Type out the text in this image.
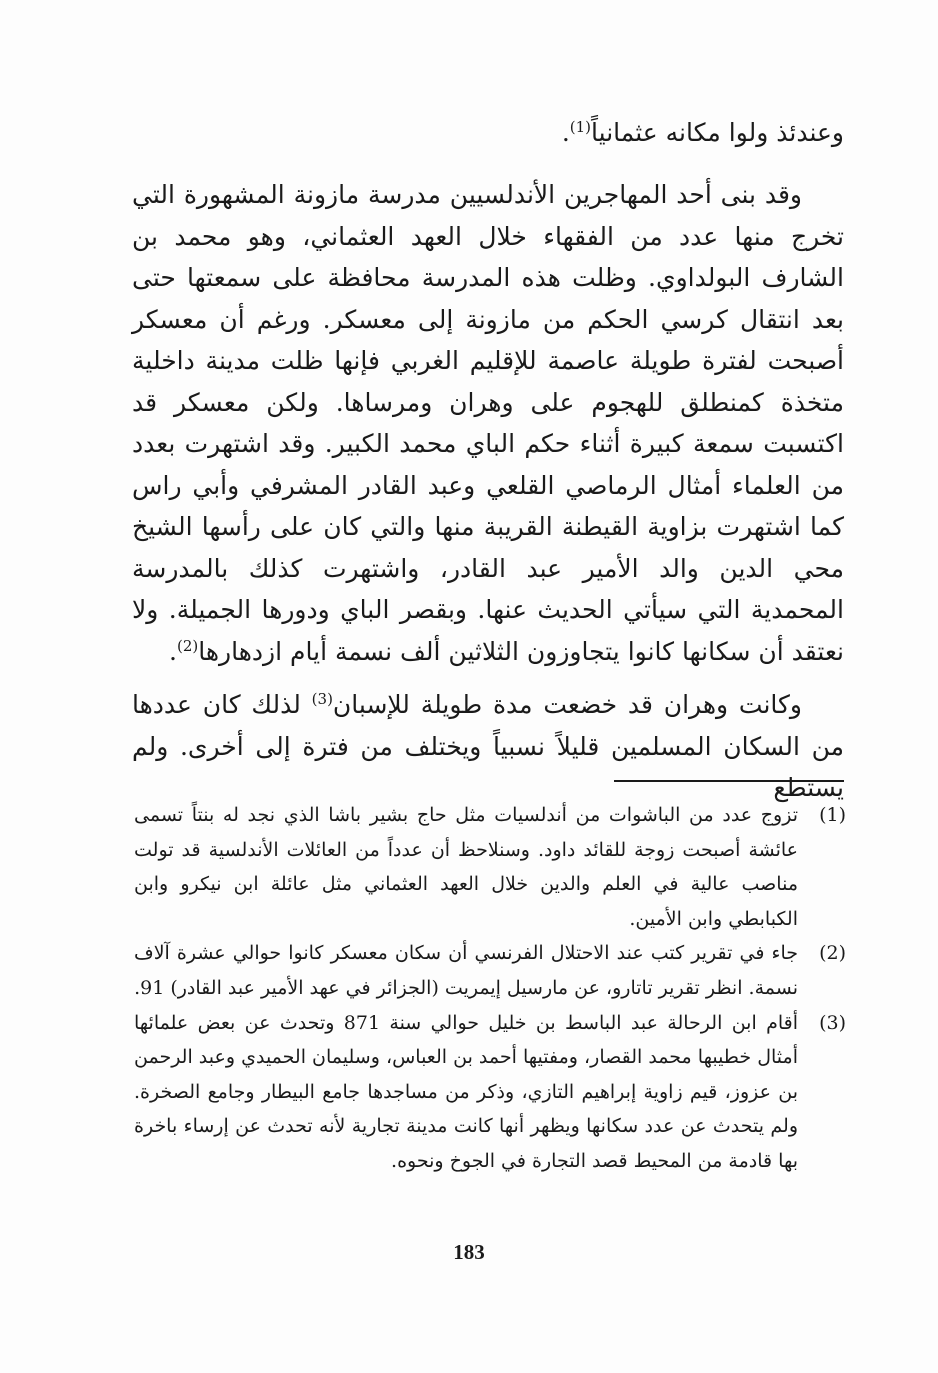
وعندئذ ولوا مكانه عثمانياً$^{(1)}$.

وقد بنى أحد المهاجرين الأندلسيين مدرسة مازونة المشهورة التي تخرج منها عدد من الفقهاء خلال العهد العثماني، وهو محمد بن الشارف البولداوي. وظلت هذه المدرسة محافظة على سمعتها حتى بعد انتقال كرسي الحكم من مازونة إلى معسكر. ورغم أن معسكر أصبحت لفترة طويلة عاصمة للإقليم الغربي فإنها ظلت مدينة داخلية متخذة كمنطلق للهجوم على وهران ومرساها. ولكن معسكر قد اكتسبت سمعة كبيرة أثناء حكم الباي محمد الكبير. وقد اشتهرت بعدد من العلماء أمثال الرماصي القلعي وعبد القادر المشرفي وأبي راس كما اشتهرت بزاوية القيطنة القريبة منها والتي كان على رأسها الشيخ محي الدين والد الأمير عبد القادر، واشتهرت كذلك بالمدرسة المحمدية التي سيأتي الحديث عنها. وبقصر الباي ودورها الجميلة. ولا نعتقد أن سكانها كانوا يتجاوزون الثلاثين ألف نسمة أيام ازدهارها$^{(2)}$.

وكانت وهران قد خضعت مدة طويلة للإسبان$^{(3)}$ لذلك كان عددها من السكان المسلمين قليلاً نسبياً ويختلف من فترة إلى أخرى. ولم يستطع

(1)
تزوج عدد من الباشوات من أندلسيات مثل حاج بشير باشا الذي نجد له بنتاً تسمى عائشة أصبحت زوجة للقائد داود. وسنلاحظ أن عدداً من العائلات الأندلسية قد تولت مناصب عالية في العلم والدين خلال العهد العثماني مثل عائلة ابن نيكرو وابن الكبابطي وابن الأمين.
(2)
جاء في تقرير كتب عند الاحتلال الفرنسي أن سكان معسكر كانوا حوالي عشرة آلاف نسمة. انظر تقرير تاتارو، عن مارسيل إيمريت (الجزائر في عهد الأمير عبد القادر) 91.
(3)
أقام ابن الرحالة عبد الباسط بن خليل حوالي سنة 871 وتحدث عن بعض علمائها أمثال خطيبها محمد القصار، ومفتيها أحمد بن العباس، وسليمان الحميدي وعبد الرحمن بن عزوز، قيم زاوية إبراهيم التازي، وذكر من مساجدها جامع البيطار وجامع الصخرة. ولم يتحدث عن عدد سكانها ويظهر أنها كانت مدينة تجارية لأنه تحدث عن إرساء باخرة بها قادمة من المحيط قصد التجارة في الجوخ ونحوه.
183
